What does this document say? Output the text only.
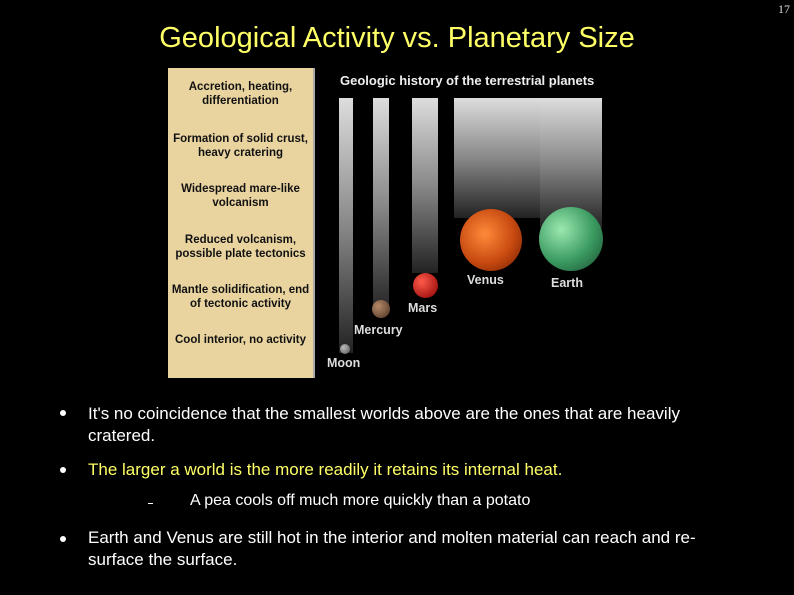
17
Geological Activity vs. Planetary Size
Accretion, heating, differentiation
Formation of solid crust, heavy cratering
Widespread mare-like volcanism
Reduced volcanism, possible plate tectonics
Mantle solidification, end of tectonic activity
Cool interior, no activity
Geologic history of the terrestrial planets
Moon
Mercury
Mars
Venus	Earth
It's no coincidence that the smallest worlds above are the ones that are heavily cratered.
The larger a world is the more readily it retains its internal heat.
A pea cools off much more quickly than a potato
Earth and Venus are still hot in the interior and molten material can reach and re-surface the surface.
